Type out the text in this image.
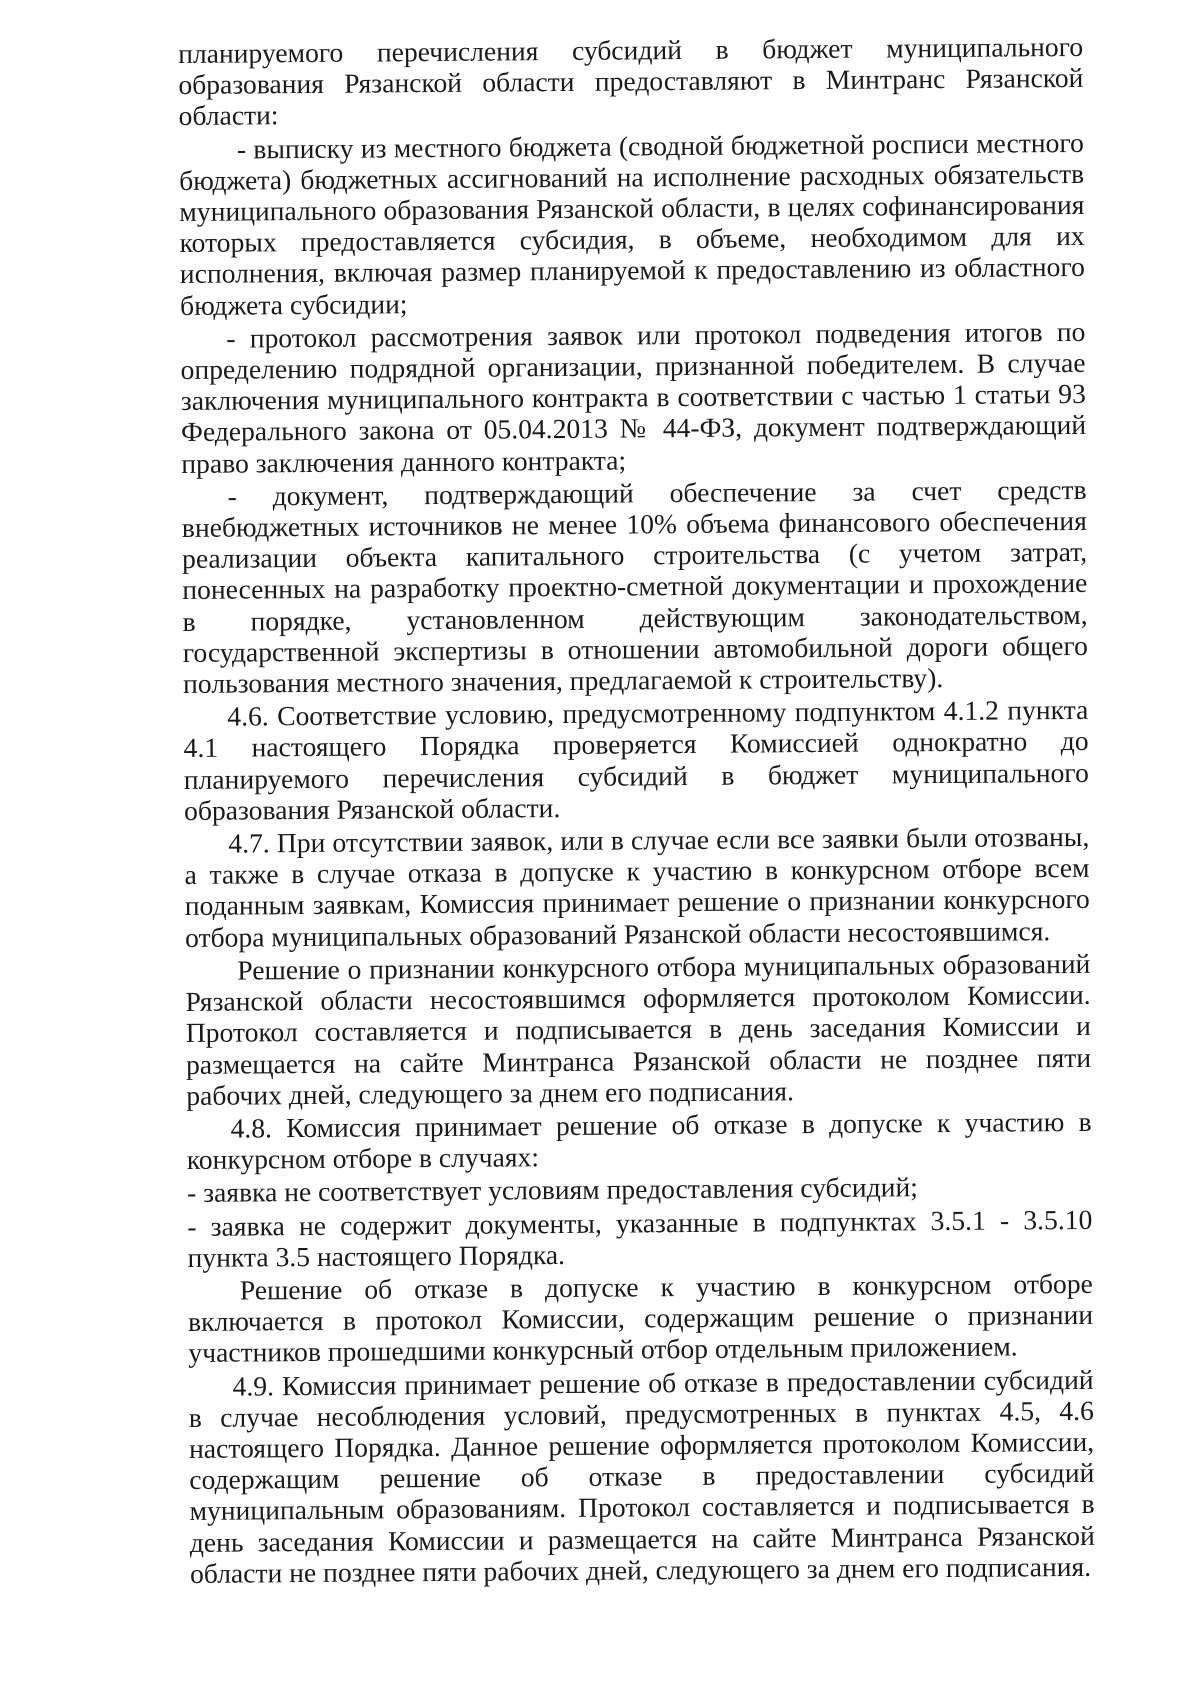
планируемого перечисления субсидий в бюджет муниципального образования Рязанской области предоставляют в Минтранс Рязанской области:

- выписку из местного бюджета (сводной бюджетной росписи местного бюджета) бюджетных ассигнований на исполнение расходных обязательств муниципального образования Рязанской области, в целях софинансирования которых предоставляется субсидия, в объеме, необходимом для их исполнения, включая размер планируемой к предоставлению из областного бюджета субсидии;

- протокол рассмотрения заявок или протокол подведения итогов по определению подрядной организации, признанной победителем. В случае заключения муниципального контракта в соответствии с частью 1 статьи 93 Федерального закона от 05.04.2013 № 44-ФЗ, документ подтверждающий право заключения данного контракта;

- документ, подтверждающий обеспечение за счет средств внебюджетных источников не менее 10% объема финансового обеспечения реализации объекта капитального строительства (с учетом затрат, понесенных на разработку проектно-сметной документации и прохождение в порядке, установленном действующим законодательством, государственной экспертизы в отношении автомобильной дороги общего пользования местного значения, предлагаемой к строительству).

4.6. Соответствие условию, предусмотренному подпунктом 4.1.2 пункта 4.1 настоящего Порядка проверяется Комиссией однократно до планируемого перечисления субсидий в бюджет муниципального образования Рязанской области.

4.7. При отсутствии заявок, или в случае если все заявки были отозваны, а также в случае отказа в допуске к участию в конкурсном отборе всем поданным заявкам, Комиссия принимает решение о признании конкурсного отбора муниципальных образований Рязанской области несостоявшимся.

Решение о признании конкурсного отбора муниципальных образований Рязанской области несостоявшимся оформляется протоколом Комиссии. Протокол составляется и подписывается в день заседания Комиссии и размещается на сайте Минтранса Рязанской области не позднее пяти рабочих дней, следующего за днем его подписания.

4.8. Комиссия принимает решение об отказе в допуске к участию в конкурсном отборе в случаях:

- заявка не соответствует условиям предоставления субсидий;

- заявка не содержит документы, указанные в подпунктах 3.5.1 - 3.5.10 пункта 3.5 настоящего Порядка.

Решение об отказе в допуске к участию в конкурсном отборе включается в протокол Комиссии, содержащим решение о признании участников прошедшими конкурсный отбор отдельным приложением.

4.9. Комиссия принимает решение об отказе в предоставлении субсидий в случае несоблюдения условий, предусмотренных в пунктах 4.5, 4.6 настоящего Порядка. Данное решение оформляется протоколом Комиссии, содержащим решение об отказе в предоставлении субсидий муниципальным образованиям. Протокол составляется и подписывается в день заседания Комиссии и размещается на сайте Минтранса Рязанской области не позднее пяти рабочих дней, следующего за днем его подписания.
